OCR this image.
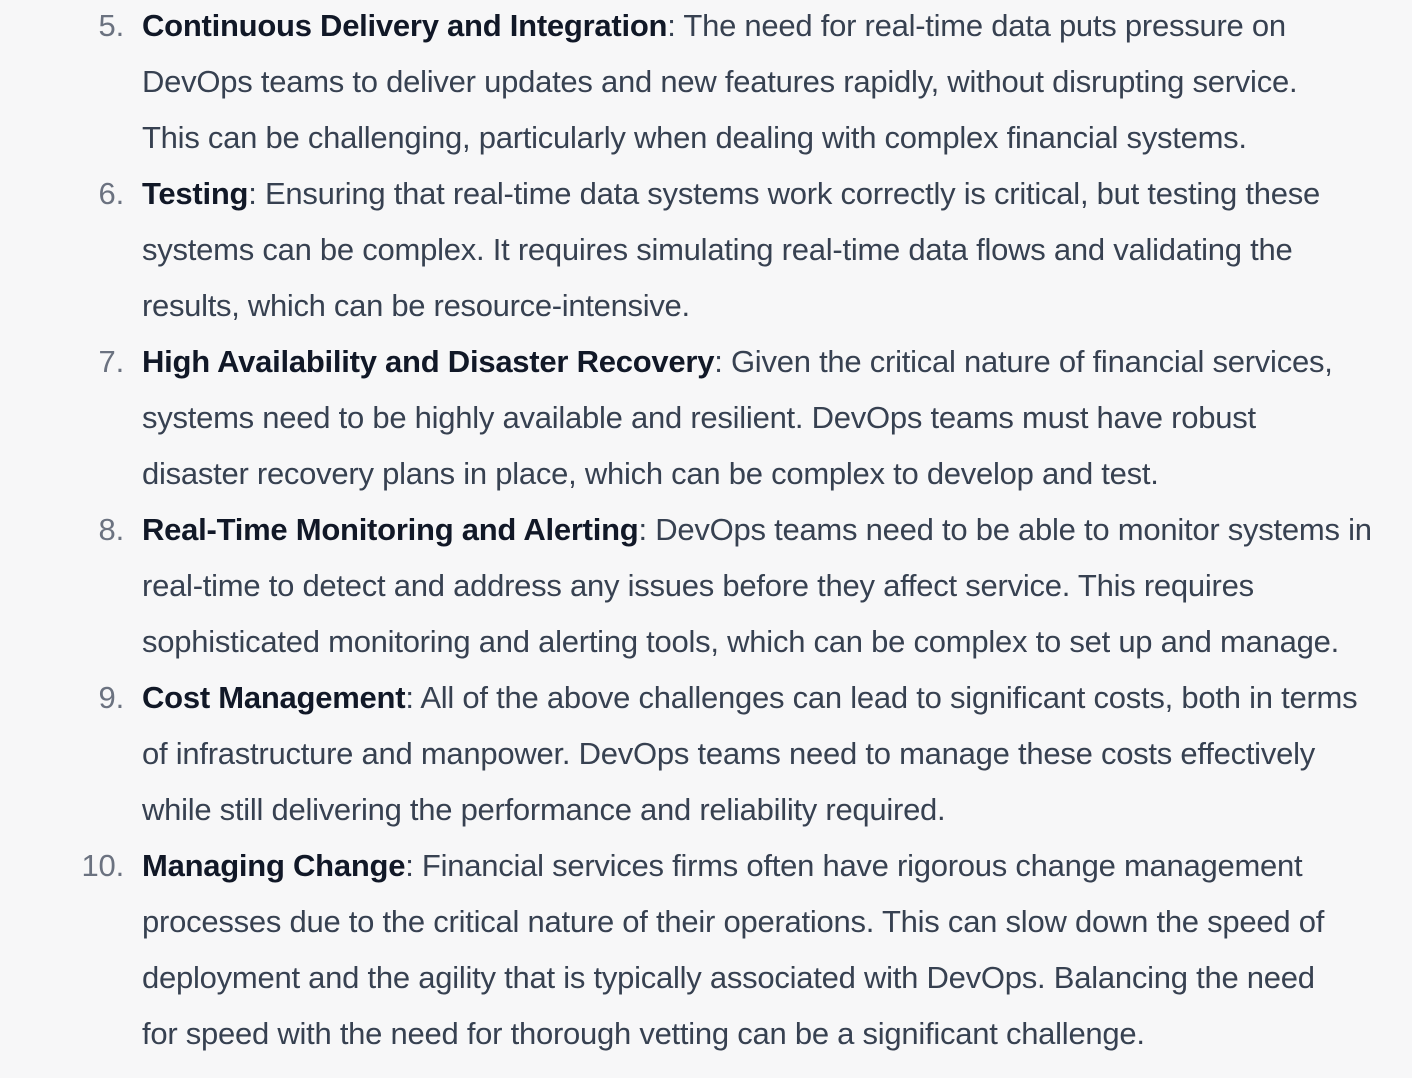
5. Continuous Delivery and Integration: The need for real-time data puts pressure on
DevOps teams to deliver updates and new features rapidly, without disrupting service.
This can be challenging, particularly when dealing with complex financial systems.
6. Testing: Ensuring that real-time data systems work correctly is critical, but testing these
systems can be complex. It requires simulating real-time data flows and validating the
results, which can be resource-intensive.
7. High Availability and Disaster Recovery: Given the critical nature of financial services,
systems need to be highly available and resilient. DevOps teams must have robust
disaster recovery plans in place, which can be complex to develop and test.
8. Real-Time Monitoring and Alerting: DevOps teams need to be able to monitor systems in
real-time to detect and address any issues before they affect service. This requires
sophisticated monitoring and alerting tools, which can be complex to set up and manage.
9. Cost Management: All of the above challenges can lead to significant costs, both in terms
of infrastructure and manpower. DevOps teams need to manage these costs effectively
while still delivering the performance and reliability required.
10. Managing Change: Financial services firms often have rigorous change management
processes due to the critical nature of their operations. This can slow down the speed of
deployment and the agility that is typically associated with DevOps. Balancing the need
for speed with the need for thorough vetting can be a significant challenge.
